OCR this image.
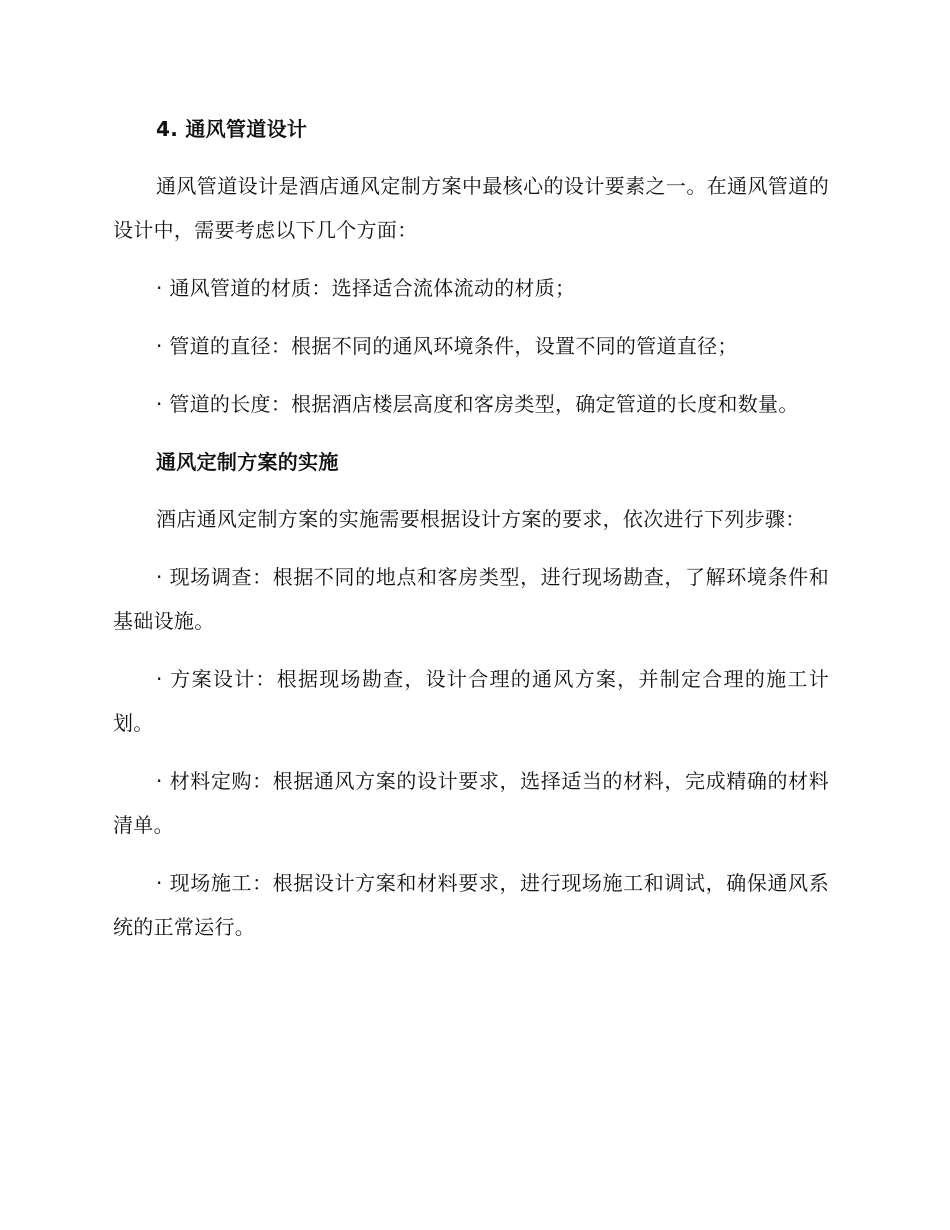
4. 通风管道设计

通风管道设计是酒店通风定制方案中最核心的设计要素之一。在通风管道的设计中，需要考虑以下几个方面：

· 通风管道的材质：选择适合流体流动的材质；

· 管道的直径：根据不同的通风环境条件，设置不同的管道直径；

· 管道的长度：根据酒店楼层高度和客房类型，确定管道的长度和数量。

通风定制方案的实施

酒店通风定制方案的实施需要根据设计方案的要求，依次进行下列步骤：

· 现场调查：根据不同的地点和客房类型，进行现场勘查，了解环境条件和基础设施。

· 方案设计：根据现场勘查，设计合理的通风方案，并制定合理的施工计划。

· 材料定购：根据通风方案的设计要求，选择适当的材料，完成精确的材料清单。

· 现场施工：根据设计方案和材料要求，进行现场施工和调试，确保通风系统的正常运行。
